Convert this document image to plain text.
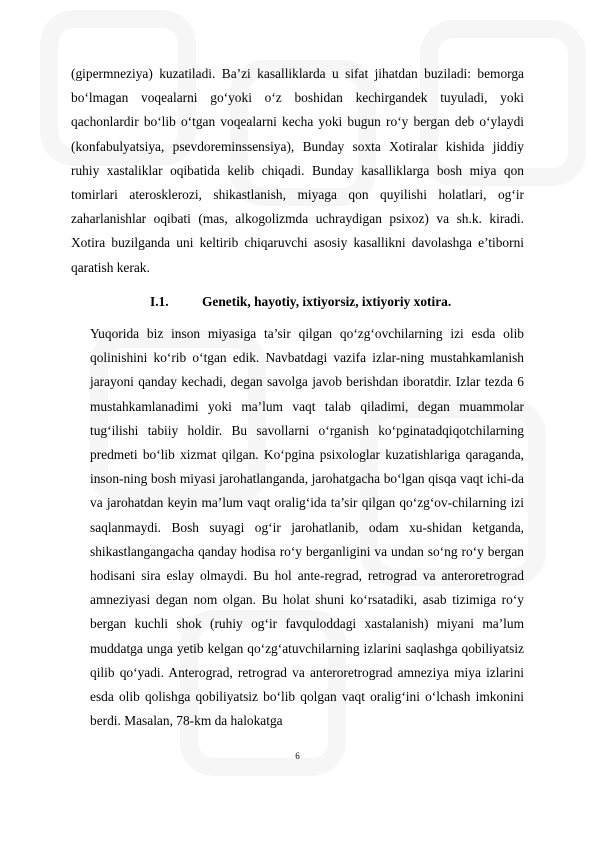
(gipermneziya) kuzatiladi. Ba’zi kasalliklarda u sifat jihatdan buziladi: bemorga bo‘lmagan voqealarni go‘yoki o‘z boshidan kechirgandek tuyuladi, yoki qachonlardir bo‘lib o‘tgan voqealarni kecha yoki bugun ro‘y bergan deb o‘ylaydi (konfabulyatsiya, psevdoreminssensiya), Bunday soxta Xotiralar kishida jiddiy ruhiy xastaliklar oqibatida kelib chiqadi. Bunday kasalliklarga bosh miya qon tomirlari aterosklerozi, shikastlanish, miyaga qon quyilishi holatlari, og‘ir zaharlanishlar oqibati (mas, alkogolizmda uchraydigan psixoz) va sh.k. kiradi. Xotira buzilganda uni keltirib chiqaruvchi asosiy kasallikni davolashga e’tiborni qaratish kerak.
I.1. Genetik, hayotiy, ixtiyorsiz, ixtiyoriy xotira.
Yuqorida biz inson miyasiga ta’sir qilgan qo‘zg‘ovchilarning izi esda olib qolinishini ko‘rib o‘tgan edik. Navbatdagi vazifa izlar-ning mustahkamlanish jarayoni qanday kechadi, degan savolga javob berishdan iboratdir. Izlar tezda 6 mustahkamlanadimi yoki ma’lum vaqt talab qiladimi, degan muammolar tug‘ilishi tabiiy holdir. Bu savollarni o‘rganish ko‘pginatadqiqotchilarning predmeti bo‘lib xizmat qilgan. Ko‘pgina psixologlar kuzatishlariga qaraganda, inson-ning bosh miyasi jarohatlanganda, jarohatgacha bo‘lgan qisqa vaqt ichi-da va jarohatdan keyin ma’lum vaqt oralig‘ida ta’sir qilgan qo‘zg‘ov-chilarning izi saqlanmaydi. Bosh suyagi og‘ir jarohatlanib, odam xu-shidan ketganda, shikastlangangacha qanday hodisa ro‘y berganligini va undan so‘ng ro‘y bergan hodisani sira eslay olmaydi. Bu hol ante-regrad, retrograd va anteroretrograd amneziyasi degan nom olgan. Bu holat shuni ko‘rsatadiki, asab tizimiga ro‘y bergan kuchli shok (ruhiy og‘ir favquloddagi xastalanish) miyani ma’lum muddatga unga yetib kelgan qo‘zg‘atuvchilarning izlarini saqlashga qobiliyatsiz qilib qo‘yadi. Anterograd, retrograd va anteroretrograd amneziya miya izlarini esda olib qolishga qobiliyatsiz bo‘lib qolgan vaqt oralig‘ini o‘lchash imkonini berdi. Masalan, 78-km da halokatga
6
